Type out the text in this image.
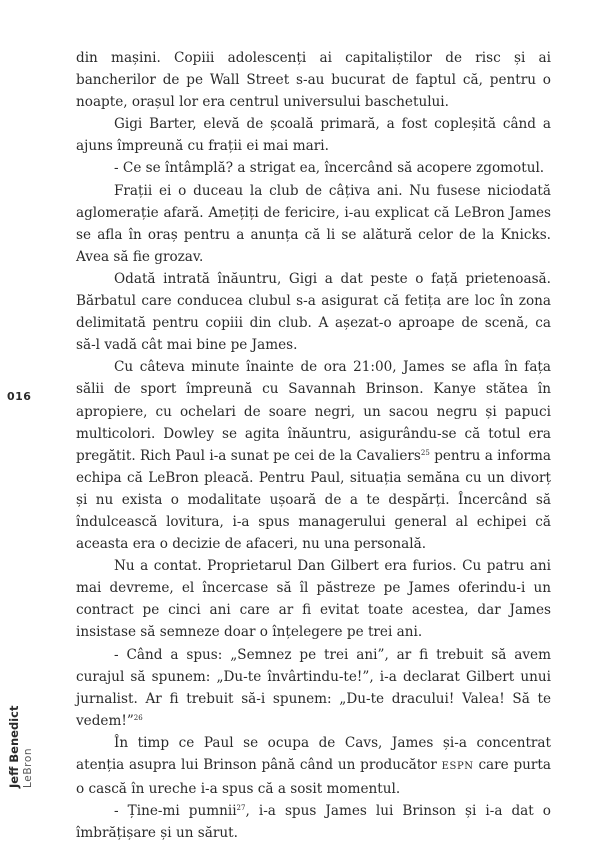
din mașini. Copiii adolescenți ai capitaliștilor de risc și ai bancherilor de pe Wall Street s-au bucurat de faptul că, pentru o noapte, orașul lor era centrul universului baschetului.

Gigi Barter, elevă de școală primară, a fost copleșită când a ajuns împreună cu frații ei mai mari.

- Ce se întâmplă? a strigat ea, încercând să acopere zgomotul.

Frații ei o duceau la club de câțiva ani. Nu fusese niciodată aglomerație afară. Amețiți de fericire, i-au explicat că LeBron James se afla în oraș pentru a anunța că li se alătură celor de la Knicks. Avea să fie grozav.

Odată intrată înăuntru, Gigi a dat peste o față prietenoasă. Bărbatul care conducea clubul s-a asigurat că fetița are loc în zona delimitată pentru copiii din club. A așezat-o aproape de scenă, ca să-l vadă cât mai bine pe James.

Cu câteva minute înainte de ora 21:00, James se afla în fața sălii de sport împreună cu Savannah Brinson. Kanye stătea în apropiere, cu ochelari de soare negri, un sacou negru și papuci multicolori. Dowley se agita înăuntru, asigurându-se că totul era pregătit. Rich Paul i-a sunat pe cei de la Cavaliers$^{25}$ pentru a informa echipa că LeBron pleacă. Pentru Paul, situația semăna cu un divorț și nu exista o modalitate ușoară de a te despărți. Încercând să îndulcească lovitura, i-a spus managerului general al echipei că aceasta era o decizie de afaceri, nu una personală.

Nu a contat. Proprietarul Dan Gilbert era furios. Cu patru ani mai devreme, el încercase să îl păstreze pe James oferindu-i un contract pe cinci ani care ar fi evitat toate acestea, dar James insistase să semneze doar o înțelegere pe trei ani.

- Când a spus: „Semnez pe trei ani”, ar fi trebuit să avem curajul să spunem: „Du-te învârtindu-te!”, i-a declarat Gilbert unui jurnalist. Ar fi trebuit să-i spunem: „Du-te dracului! Valea! Să te vedem!”$^{26}$

În timp ce Paul se ocupa de Cavs, James și-a concentrat atenția asupra lui Brinson până când un producător ESPN care purta o cască în ureche i-a spus că a sosit momentul.

- Ține-mi pumnii$^{27}$, i-a spus James lui Brinson și i-a dat o îmbrățișare și un sărut.

016
Jeff Benedict LeBron
